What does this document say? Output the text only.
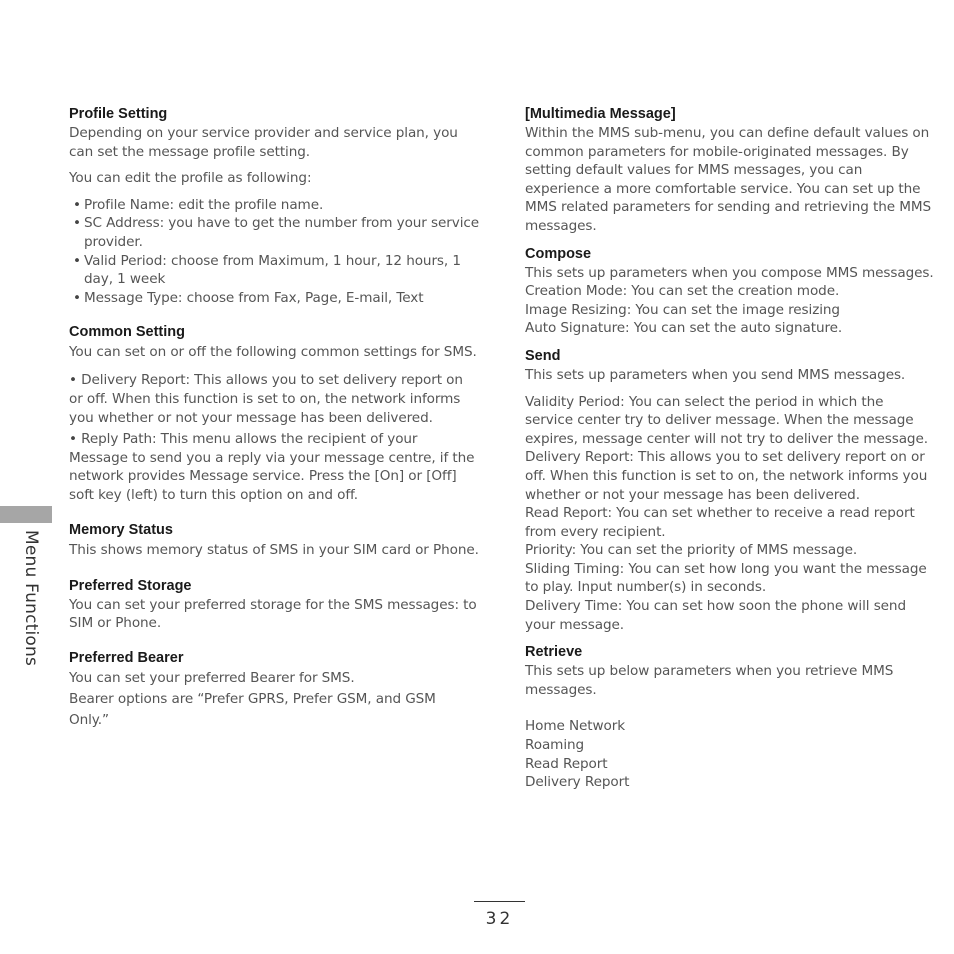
Menu Functions
Profile Setting

Depending on your service provider and service plan, you can set the message profile setting.

You can edit the profile as following:

• Profile Name: edit the profile name.
• SC Address: you have to get the number from your service provider.
• Valid Period: choose from Maximum, 1 hour, 12 hours, 1 day, 1 week
• Message Type: choose from Fax, Page, E-mail, Text
Common Setting

You can set on or off the following common settings for SMS.

• Delivery Report: This allows you to set delivery report on or off. When this function is set to on, the network informs you whether or not your message has been delivered.

• Reply Path: This menu allows the recipient of your Message to send you a reply via your message centre, if the network provides Message service. Press the [On] or [Off] soft key (left) to turn this option on and off.

Memory Status

This shows memory status of SMS in your SIM card or Phone.

Preferred Storage

You can set your preferred storage for the SMS messages: to SIM or Phone.

Preferred Bearer

You can set your preferred Bearer for SMS.

Bearer options are “Prefer GPRS, Prefer GSM, and GSM Only.”

[Multimedia Message]

Within the MMS sub-menu, you can define default values on common parameters for mobile-originated messages. By setting default values for MMS messages, you can experience a more comfortable service. You can set up the MMS related parameters for sending and retrieving the MMS messages.

Compose

This sets up parameters when you compose MMS messages.

Creation Mode: You can set the creation mode.

Image Resizing: You can set the image resizing

Auto Signature: You can set the auto signature.

Send

This sets up parameters when you send MMS messages.

Validity Period: You can select the period in which the service center try to deliver message. When the message expires, message center will not try to deliver the message.

Delivery Report: This allows you to set delivery report on or off. When this function is set to on, the network informs you whether or not your message has been delivered.

Read Report: You can set whether to receive a read report from every recipient.

Priority: You can set the priority of MMS message.

Sliding Timing: You can set how long you want the message to play. Input number(s) in seconds.

Delivery Time: You can set how soon the phone will send your message.

Retrieve

This sets up below parameters when you retrieve MMS messages.

Home Network

Roaming

Read Report

Delivery Report

32
